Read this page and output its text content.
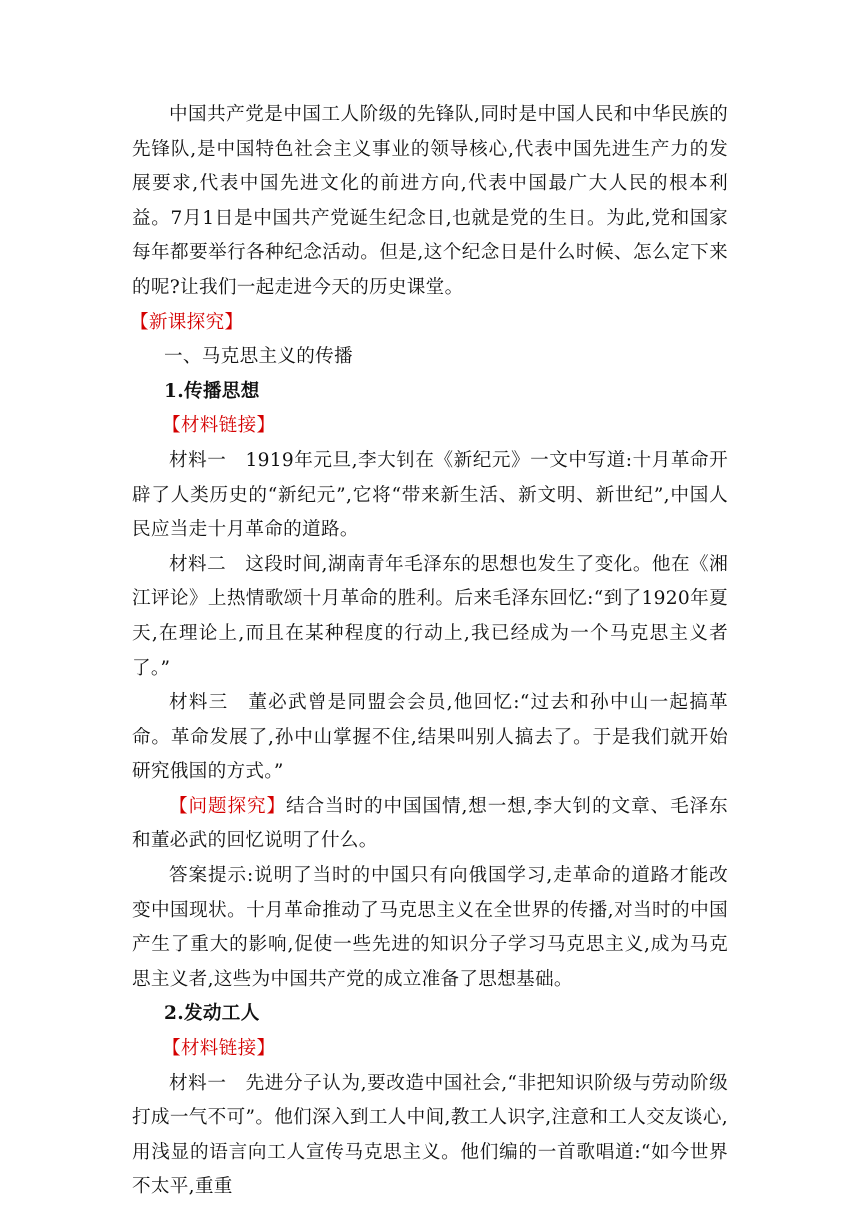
中国共产党是中国工人阶级的先锋队,同时是中国人民和中华民族的先锋队,是中国特色社会主义事业的领导核心,代表中国先进生产力的发展要求,代表中国先进文化的前进方向,代表中国最广大人民的根本利益。7月1日是中国共产党诞生纪念日,也就是党的生日。为此,党和国家每年都要举行各种纪念活动。但是,这个纪念日是什么时候、怎么定下来的呢?让我们一起走进今天的历史课堂。

【新课探究】

一、马克思主义的传播

1.传播思想

【材料链接】

材料一　1919年元旦,李大钊在《新纪元》一文中写道:十月革命开辟了人类历史的“新纪元”,它将“带来新生活、新文明、新世纪”,中国人民应当走十月革命的道路。

材料二　这段时间,湖南青年毛泽东的思想也发生了变化。他在《湘江评论》上热情歌颂十月革命的胜利。后来毛泽东回忆:“到了1920年夏天,在理论上,而且在某种程度的行动上,我已经成为一个马克思主义者了。”

材料三　董必武曾是同盟会会员,他回忆:“过去和孙中山一起搞革命。革命发展了,孙中山掌握不住,结果叫别人搞去了。于是我们就开始研究俄国的方式。”

【问题探究】结合当时的中国国情,想一想,李大钊的文章、毛泽东和董必武的回忆说明了什么。

答案提示:说明了当时的中国只有向俄国学习,走革命的道路才能改变中国现状。十月革命推动了马克思主义在全世界的传播,对当时的中国产生了重大的影响,促使一些先进的知识分子学习马克思主义,成为马克思主义者,这些为中国共产党的成立准备了思想基础。

2.发动工人

【材料链接】

材料一　先进分子认为,要改造中国社会,“非把知识阶级与劳动阶级打成一气不可”。他们深入到工人中间,教工人识字,注意和工人交友谈心,用浅显的语言向工人宣传马克思主义。他们编的一首歌唱道:“如今世界不太平,重重
